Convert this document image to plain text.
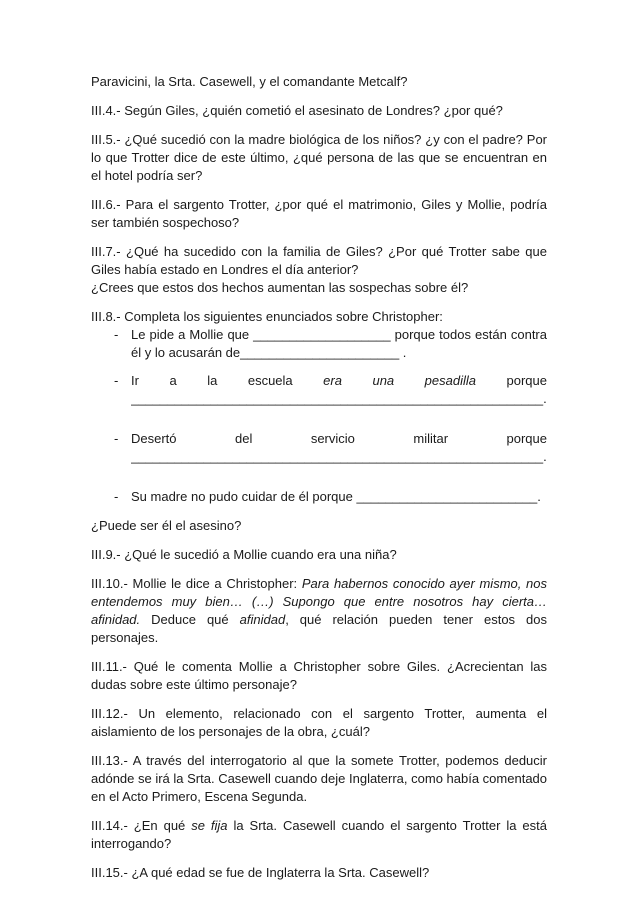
Paravicini, la Srta. Casewell, y el comandante Metcalf?

III.4.- Según Giles, ¿quién cometió el asesinato de Londres? ¿por qué?

III.5.- ¿Qué sucedió con la madre biológica de los niños? ¿y con el padre? Por lo que Trotter dice de este último, ¿qué persona de las que se encuentran en el hotel podría ser?

III.6.- Para el sargento Trotter, ¿por qué el matrimonio, Giles y Mollie, podría ser también sospechoso?

III.7.- ¿Qué ha sucedido con la familia de Giles? ¿Por qué Trotter sabe que Giles había estado en Londres el día anterior?
¿Crees que estos dos hechos aumentan las sospechas sobre él?

III.8.- Completa los siguientes enunciados sobre Christopher:

- Le pide a Mollie que ___________________ porque todos están contra él y lo acusarán de______________________ .
- Ir a la escuela era una pesadilla porque
_________________________________________________________.
- Desertó del servicio militar porque
_________________________________________________________.
- Su madre no pudo cuidar de él porque _________________________.

¿Puede ser él el asesino?

III.9.- ¿Qué le sucedió a Mollie cuando era una niña?

III.10.- Mollie le dice a Christopher: Para habernos conocido ayer mismo, nos entendemos muy bien… (…) Supongo que entre nosotros hay cierta… afinidad. Deduce qué afinidad, qué relación pueden tener estos dos personajes.

III.11.- Qué le comenta Mollie a Christopher sobre Giles. ¿Acrecientan las dudas sobre este último personaje?

III.12.- Un elemento, relacionado con el sargento Trotter, aumenta el aislamiento de los personajes de la obra, ¿cuál?

III.13.- A través del interrogatorio al que la somete Trotter, podemos deducir adónde se irá la Srta. Casewell cuando deje Inglaterra, como había comentado en el Acto Primero, Escena Segunda.

III.14.- ¿En qué se fija la Srta. Casewell cuando el sargento Trotter la está interrogando?

III.15.- ¿A qué edad se fue de Inglaterra la Srta. Casewell?
